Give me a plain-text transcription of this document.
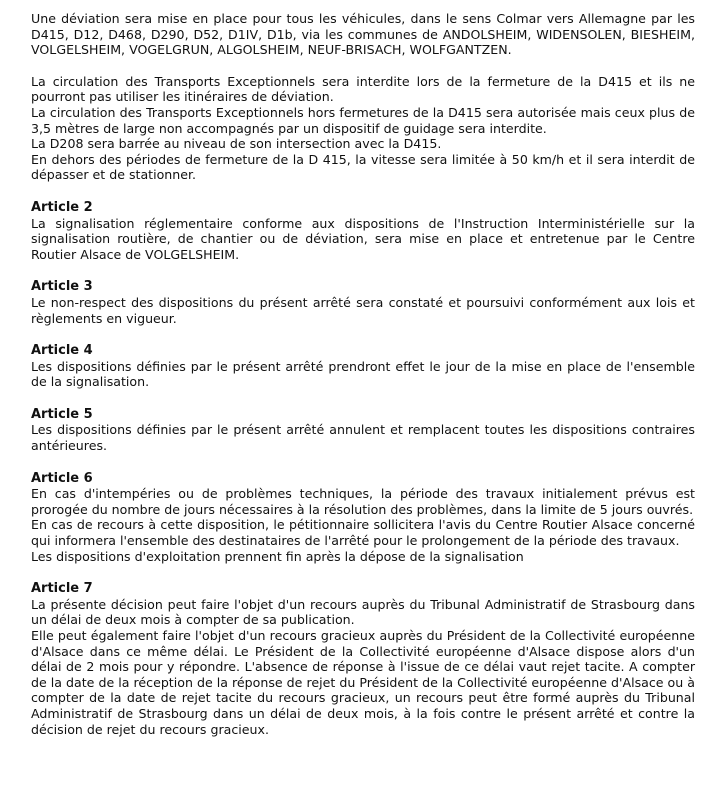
Une déviation sera mise en place pour tous les véhicules, dans le sens Colmar vers Allemagne par les D415, D12, D468, D290, D52, D1IV, D1b, via les communes de ANDOLSHEIM, WIDENSOLEN, BIESHEIM, VOLGELSHEIM, VOGELGRUN, ALGOLSHEIM, NEUF-BRISACH, WOLFGANTZEN.

La circulation des Transports Exceptionnels sera interdite lors de la fermeture de la D415 et ils ne pourront pas utiliser les itinéraires de déviation.

La circulation des Transports Exceptionnels hors fermetures de la D415 sera autorisée mais ceux plus de 3,5 mètres de large non accompagnés par un dispositif de guidage sera interdite.

La D208 sera barrée au niveau de son intersection avec la D415.

En dehors des périodes de fermeture de la D 415, la vitesse sera limitée à 50 km/h et il sera interdit de dépasser et de stationner.

Article 2

La signalisation réglementaire conforme aux dispositions de l'Instruction Interministérielle sur la signalisation routière, de chantier ou de déviation, sera mise en place et entretenue par le Centre Routier Alsace de VOLGELSHEIM.

Article 3

Le non-respect des dispositions du présent arrêté sera constaté et poursuivi conformément aux lois et règlements en vigueur.

Article 4

Les dispositions définies par le présent arrêté prendront effet le jour de la mise en place de l'ensemble de la signalisation.

Article 5

Les dispositions définies par le présent arrêté annulent et remplacent toutes les dispositions contraires antérieures.

Article 6

En cas d'intempéries ou de problèmes techniques, la période des travaux initialement prévus est prorogée du nombre de jours nécessaires à la résolution des problèmes, dans la limite de 5 jours ouvrés.

En cas de recours à cette disposition, le pétitionnaire sollicitera l'avis du Centre Routier Alsace concerné qui informera l'ensemble des destinataires de l'arrêté pour le prolongement de la période des travaux.

Les dispositions d'exploitation prennent fin après la dépose de la signalisation

Article 7

La présente décision peut faire l'objet d'un recours auprès du Tribunal Administratif de Strasbourg dans un délai de deux mois à compter de sa publication.

Elle peut également faire l'objet d'un recours gracieux auprès du Président de la Collectivité européenne d'Alsace dans ce même délai. Le Président de la Collectivité européenne d'Alsace dispose alors d'un délai de 2 mois pour y répondre. L'absence de réponse à l'issue de ce délai vaut rejet tacite. A compter de la date de la réception de la réponse de rejet du Président de la Collectivité européenne d'Alsace ou à compter de la date de rejet tacite du recours gracieux, un recours peut être formé auprès du Tribunal Administratif de Strasbourg dans un délai de deux mois, à la fois contre le présent arrêté et contre la décision de rejet du recours gracieux.
